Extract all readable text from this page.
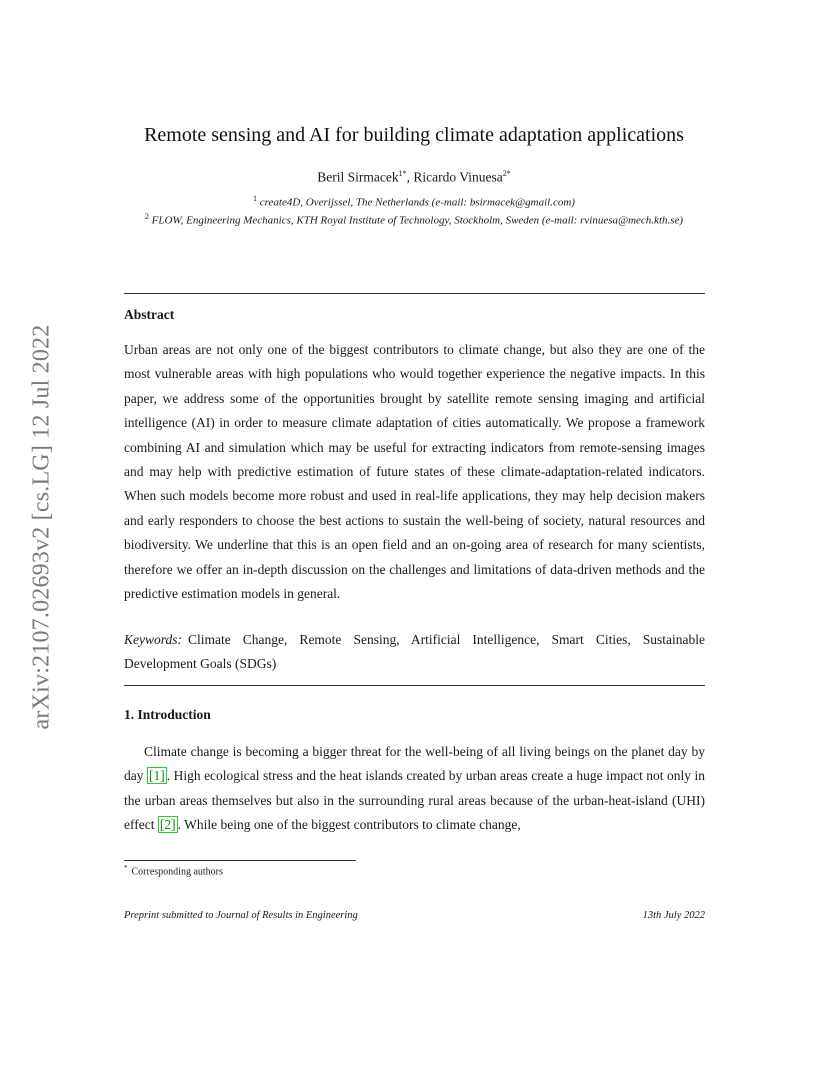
arXiv:2107.02693v2 [cs.LG] 12 Jul 2022
Remote sensing and AI for building climate adaptation applications
Beril Sirmacek$^{1*}$, Ricardo Vinuesa$^{2*}$
$^1$ create4D, Overijssel, The Netherlands (e-mail: bsirmacek@gmail.com)
$^2$ FLOW, Engineering Mechanics, KTH Royal Institute of Technology, Stockholm, Sweden (e-mail: rvinuesa@mech.kth.se)
Abstract
Urban areas are not only one of the biggest contributors to climate change, but also they are one of the most vulnerable areas with high populations who would together experience the negative impacts. In this paper, we address some of the opportunities brought by satellite remote sensing imaging and artificial intelligence (AI) in order to measure climate adaptation of cities automatically. We propose a framework combining AI and simulation which may be useful for extracting indicators from remote-sensing images and may help with predictive estimation of future states of these climate-adaptation-related indicators. When such models become more robust and used in real-life applications, they may help decision makers and early responders to choose the best actions to sustain the well-being of society, natural resources and biodiversity. We underline that this is an open field and an on-going area of research for many scientists, therefore we offer an in-depth discussion on the challenges and limitations of data-driven methods and the predictive estimation models in general.
Keywords: Climate Change, Remote Sensing, Artificial Intelligence, Smart Cities, Sustainable Development Goals (SDGs)
1. Introduction
Climate change is becoming a bigger threat for the well-being of all living beings on the planet day by day [1] . High ecological stress and the heat islands created by urban areas create a huge impact not only in the urban areas themselves but also in the surrounding rural areas because of the urban-heat-island (UHI) effect [2] . While being one of the biggest contributors to climate change,
* Corresponding authors
Preprint submitted to Journal of Results in Engineering	13th July 2022
